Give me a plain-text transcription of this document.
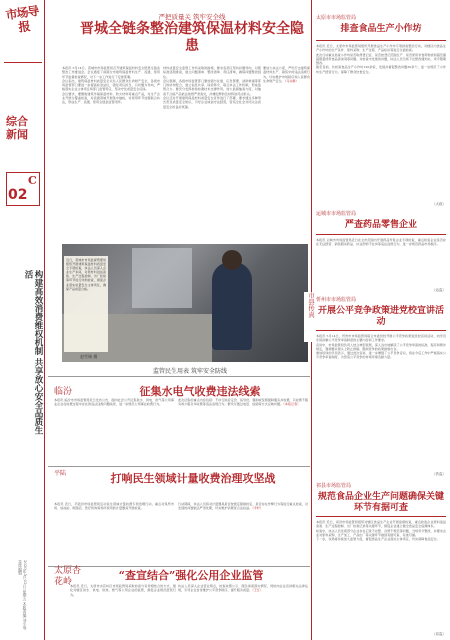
市场导报
综合新闻
C
02
构建高效消费维权机制 共享放心安全品质生活
2020年5月22日 星期五 本版责编 刘小琴 首席编辑
严把质量关 筑牢安全线
晋城全链条整治建筑保温材料安全隐患
本报讯 5月14日，晋城市市场监管局召开建筑保温材料安全隐患全链条整治工作推进会。会议通报了前期全市建筑保温材料生产、流通、使用环节监督检查情况，对下一步工作进行了安排部署。
会议指出，建筑保温材料质量安全关系人民群众生命财产安全，各级市场监管部门要进一步提高政治站位，强化责任担当，以问题为导向，严格落实企业主体责任和部门监管责任，坚决守住质量安全底线。
会议要求，要聚焦建筑外墙保温材料、防火材料等重点产品，对生产企业开展全覆盖检查，对流通领域开展集中抽检，对使用环节加强联合执法，形成生产、流通、使用全链条监管闭环。
材料质量安全监管工作所采取的措施，要求各县区坚持问题导向，对照标准逐项排查，建立问题清单、整改清单、责任清单，确保问题整改到位。
会议强调，各级市场监管部门要加强与住建、应急管理、消防救援等部门的协作配合，建立信息共享、线索移交、联合执法工作机制，形成监管合力。要充分发挥检验检测技术支撑作用，加大监督抽查力度，对抽查不合格产品依法依规严肃查处，涉嫌犯罪的及时移送司法机关。
会议还对开展建筑保温材料质量安全宣传进行了部署，要求通过多种形式普及质量安全知识，引导企业诚信守法经营，营造全社会共同关注质量安全的良好氛围。
要加大执法力度，严厉打击建筑保温材料生产、销售中的违法违规行为，切实维护市场秩序和人民群众生命财产安全。（马书静）
近日，晋城市市场监督管理局组织开展建筑保温材料质量安全专项检查，执法人员深入企业生产车间，对原材料进货查验、生产过程控制、出厂检验等环节进行详细检查，督促企业落实质量安全主体责任，确保产品质量合格。
赵雪瑞 摄
监管民生用表 筑牢安全防线
临汾	征集水电气收费违法线索
本报讯 临汾市市场监管局近日发布公告，面向社会公开征集供水、供电、供气等公用事业企业在收费过程中存在的违法违规问题线索，进一步规范公用事业收费行为。
此次征集的重点内容包括：不执行政府定价、指导价，强制或变相强制服务并收费，只收费不服务或少服务多收费等违法违规行为。群众可通过电话、信函等方式反映问题。（本报记者）
平陆	打响民生领域计量收费治理攻坚战
本报讯 近日，平陆县市场监管局启动民生领域计量收费专项治理行动，重点对集贸市场、加油站、眼镜店、医疗机构等场所使用的计量器具开展检查。
行动期间，执法人员将对计量器具是否按规定强制检定、是否存在作弊行为等进行重点检查，对发现的问题依法严肃处理，切实维护消费者合法权益。（平轩）
太原杏花岭	“查宣结合”强化公用企业监管
本报讯 近日，太原市杏花岭区市场监管局采取检查与宣传相结合的方式，强化对辖区供水、供电、供热、燃气等公用企业的监管，督促企业规范经营行为。
执法人员深入企业营业网点，检查收费公示、服务承诺落实情况，同时向企业宣讲相关法律法规，引导企业自觉维护公平竞争秩序，提升服务质量。（王红）
太原市市场监管局
排查食品生产小作坊
本报讯 近日，太原市市场监管局组织开展食品生产小作坊专项排查整治行动，对辖区内食品生产小作坊的生产条件、原料采购、生产过程、产品标识等进行全面检查。
此次行动重点检查小作坊是否取得登记证、是否按登记范围生产、是否使用非食用物质和超范围超限量使用食品添加剂等问题。对检查中发现的问题，执法人员当场下达整改通知书，责令限期整改。
截至目前，共检查食品生产小作坊120余家，发现并督促整改问题30余个，进一步规范了小作坊生产经营行为，保障了群众饮食安全。
（太政）
运城市市场监管局
严查药品零售企业
本报讯 运城市市场监管局近日在全市范围内开展药品零售企业专项检查，重点检查企业是否存在无证经营、销售假劣药品、执业药师不在岗等违法违规行为，进一步规范药品市场秩序。
（运监）
市县传真 忻州市市场监管局
开展公平竞争政策进党校宣讲活动
本报讯 5月14日，忻州市市场监管局联合市委党校开展公平竞争政策进党校宣讲活动，向学员系统讲解公平竞争审查制度的主要内容和工作要求。
宣讲中，市场监管局负责人结合典型案例，深入浅出地解读了公平竞争审查的标准、程序和例外规定，强调要从源头上防止排除、限制竞争的政策措施出台。
参加培训的学员表示，通过此次宣讲，进一步增强了公平竞争意识，将在今后工作中严格落实公平竞争审查制度，为营造公平竞争的市场环境贡献力量。
（忻监）
祁县市场监管局
规范食品企业生产问题确保关键环节有据可查
本报讯 近日，祁县市场监管局组织对辖区食品生产企业开展监督检查，重点检查企业原料进货查验、生产过程控制、出厂检验记录等关键环节，督促企业建立健全食品安全追溯体系。
检查中，执法人员发现部分企业存在记录不完整、台账不规范等问题，当场责令整改，并要求企业对原料采购、生产加工、产品出厂等关键环节做到有据可查、有迹可循。
下一步，该局将持续加大监管力度，督促食品生产企业落实主体责任，切实保障食品安全。
（祁监）
